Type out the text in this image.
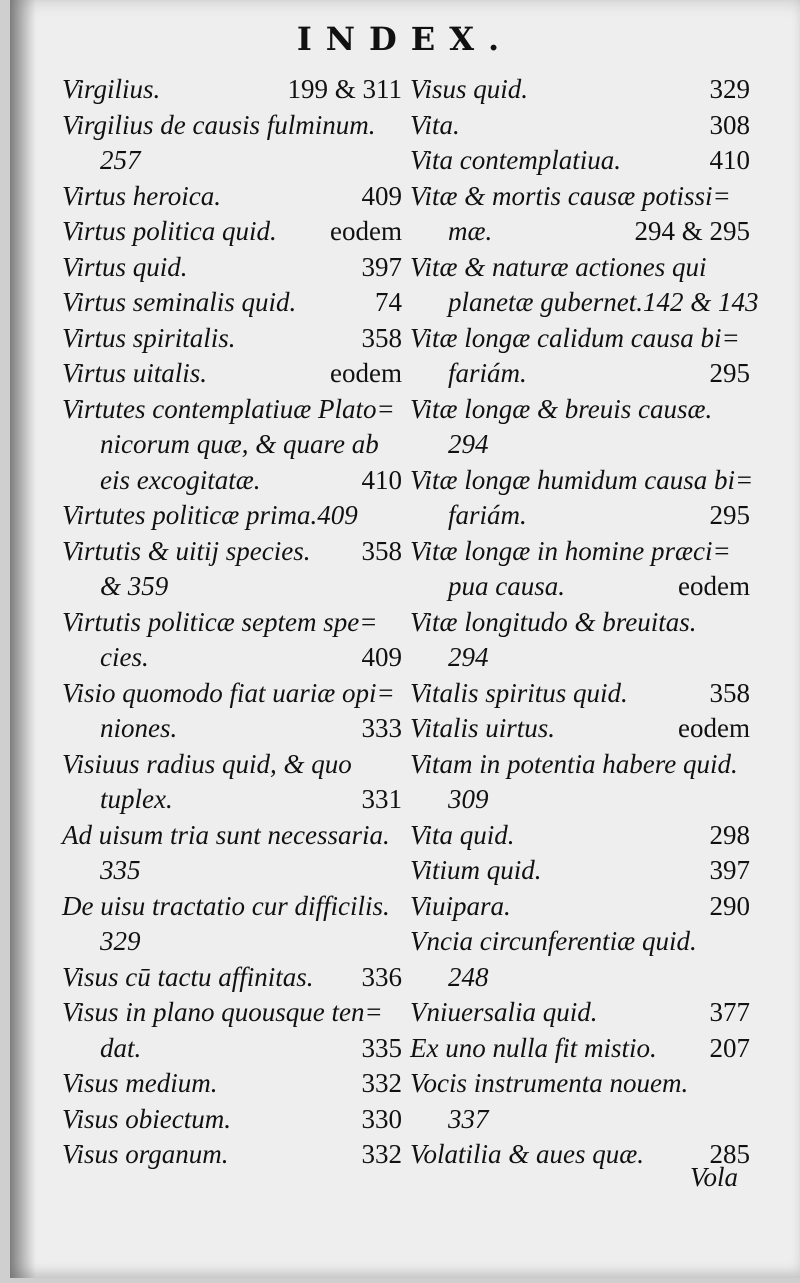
INDEX.
Virgilius.	199 & 311
Virgilius de causis fulminum.
257
Virtus heroica.	409
Virtus politica quid. eodem
Virtus quid.	397
Virtus seminalis quid.	74
Virtus spiritalis.	358
Virtus uitalis.	eodem
Virtutes contemplatiuæ Plato=
nicorum quæ, & quare ab
eis excogitatæ.	410
Virtutes politicæ prima.409
Virtutis & uitij species. 358
& 359
Virtutis politicæ septem spe=
cies.	409
Visio quomodo fiat uariæ opi=
niones.	333
Visiuus radius quid, & quo
tuplex.	331
Ad uisum tria sunt necessaria.
335
De uisu tractatio cur difficilis.
329
Visus cū tactu affinitas. 336
Visus in plano quousque ten=
dat.	335
Visus medium.	332
Visus obiectum.	330
Visus organum.	332
Visus quid.	329
Vita.	308
Vita contemplatiua.	410
Vitæ & mortis causæ potissi=
mæ.	294 & 295
Vitæ & naturæ actiones qui
planetæ gubernet.142 & 143
Vitæ longæ calidum causa bi=
fariám.	295
Vitæ longæ & breuis causæ.
294
Vitæ longæ humidum causa bi=
fariám.	295
Vitæ longæ in homine præci=
pua causa.	eodem
Vitæ longitudo & breuitas.
294
Vitalis spiritus quid.	358
Vitalis uirtus.	eodem
Vitam in potentia habere quid.
309
Vita quid.	298
Vitium quid.	397
Viuipara.	290
Vncia circunferentiæ quid.
248
Vniuersalia quid.	377
Ex uno nulla fit mistio. 207
Vocis instrumenta nouem.
337
Volatilia & aues quæ. 285
Vola
